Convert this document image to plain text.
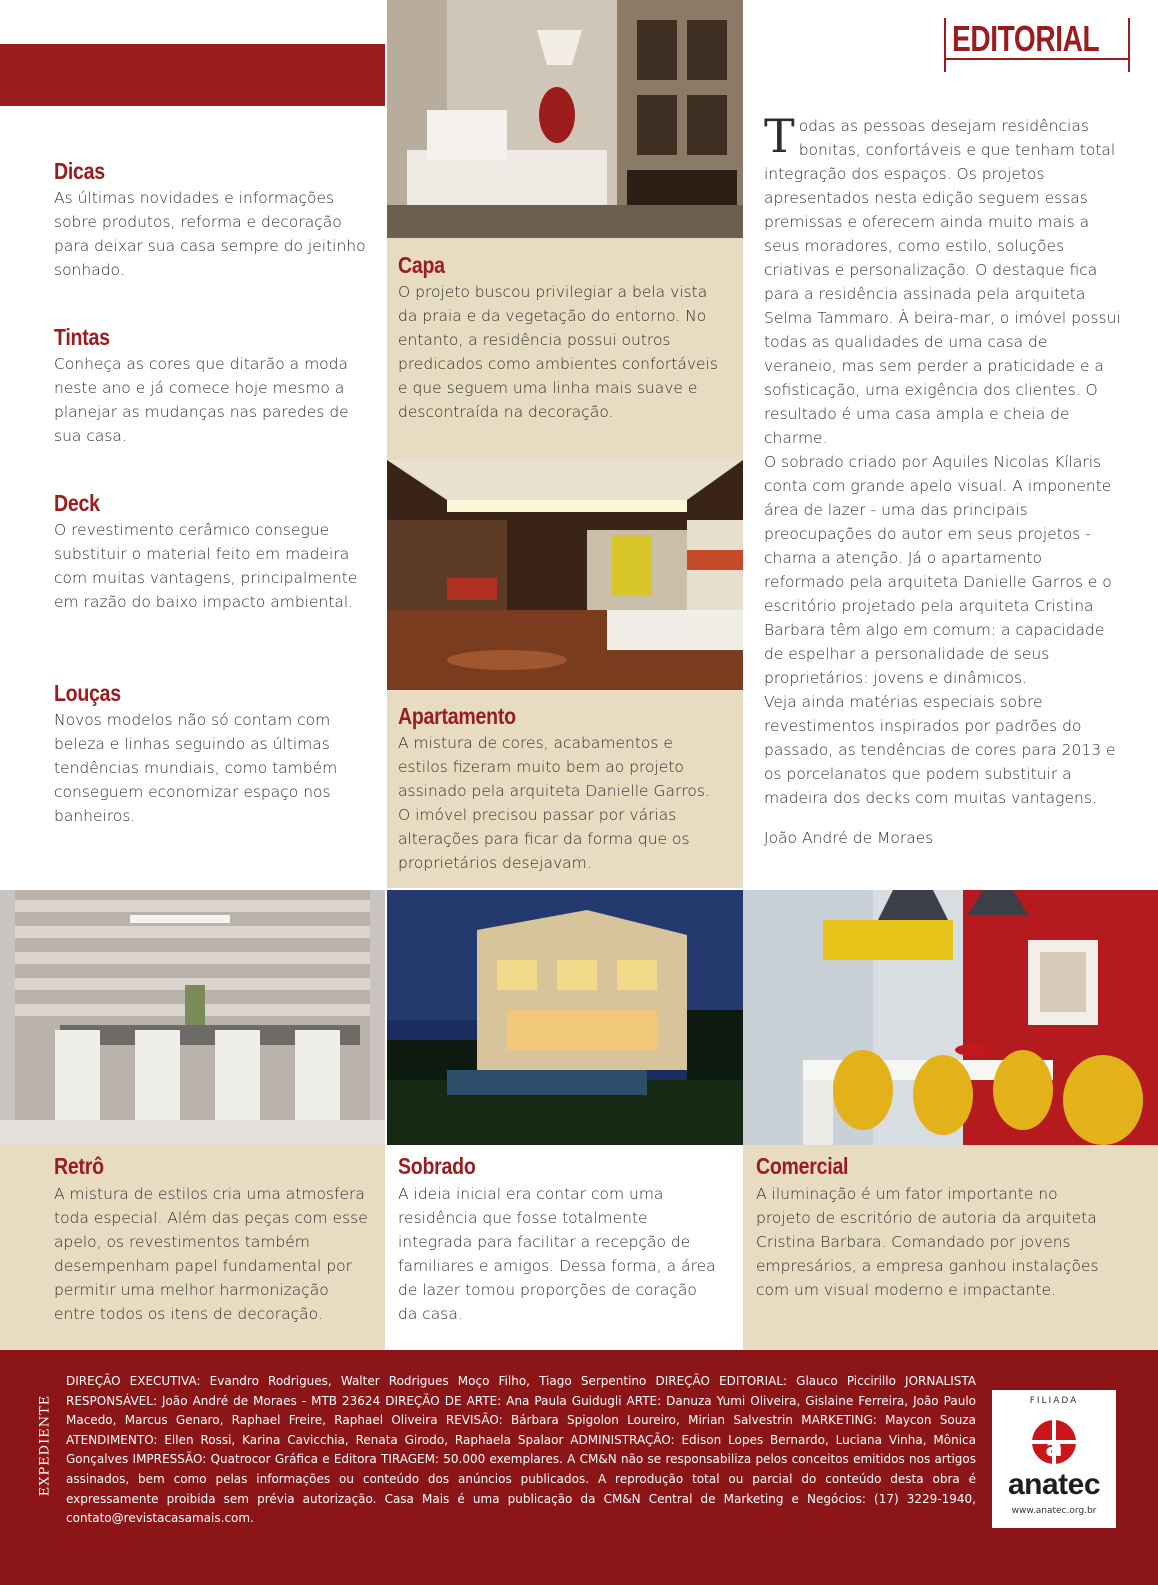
Dicas
As últimas novidades e informações sobre produtos, reforma e decoração para deixar sua casa sempre do jeitinho sonhado.
Tintas
Conheça as cores que ditarão a moda neste ano e já comece hoje mesmo a planejar as mudanças nas paredes de sua casa.
Deck
O revestimento cerâmico consegue substituir o material feito em madeira com muitas vantagens, principalmente em razão do baixo impacto ambiental.
Louças
Novos modelos não só contam com beleza e linhas seguindo as últimas tendências mundiais, como também conseguem economizar espaço nos banheiros.
Capa
O projeto buscou privilegiar a bela vista da praia e da vegetação do entorno. No entanto, a residência possui outros predicados como ambientes confortáveis e que seguem uma linha mais suave e descontraída na decoração.
Apartamento
A mistura de cores, acabamentos e estilos fizeram muito bem ao projeto assinado pela arquiteta Danielle Garros. O imóvel precisou passar por várias alterações para ficar da forma que os proprietários desejavam.
EDITORIAL

Todas as pessoas desejam residências bonitas, confortáveis e que tenham total integração dos espaços. Os projetos apresentados nesta edição seguem essas premissas e oferecem ainda muito mais a seus moradores, como estilo, soluções criativas e personalização. O destaque fica para a residência assinada pela arquiteta Selma Tammaro. À beira-mar, o imóvel possui todas as qualidades de uma casa de veraneio, mas sem perder a praticidade e a sofisticação, uma exigência dos clientes. O resultado é uma casa ampla e cheia de charme.

O sobrado criado por Aquiles Nicolas Kílaris conta com grande apelo visual. A imponente área de lazer - uma das principais preocupações do autor em seus projetos - chama a atenção. Já o apartamento reformado pela arquiteta Danielle Garros e o escritório projetado pela arquiteta Cristina Barbara têm algo em comum: a capacidade de espelhar a personalidade de seus proprietários: jovens e dinâmicos.

Veja ainda matérias especiais sobre revestimentos inspirados por padrões do passado, as tendências de cores para 2013 e os porcelanatos que podem substituir a madeira dos decks com muitas vantagens.

João André de Moraes

Retrô
A mistura de estilos cria uma atmosfera toda especial. Além das peças com esse apelo, os revestimentos também desempenham papel fundamental por permitir uma melhor harmonização entre todos os itens de decoração.
Sobrado
A ideia inicial era contar com uma residência que fosse totalmente integrada para facilitar a recepção de familiares e amigos. Dessa forma, a área de lazer tomou proporções de coração da casa.
Comercial
A iluminação é um fator importante no projeto de escritório de autoria da arquiteta Cristina Barbara. Comandado por jovens empresários, a empresa ganhou instalações com um visual moderno e impactante.
EXPEDIENTE
DIREÇÃO EXECUTIVA: Evandro Rodrigues, Walter Rodrigues Moço Filho, Tiago Serpentino DIREÇÃO EDITORIAL: Glauco Piccirillo JORNALISTA RESPONSÁVEL: João André de Moraes - MTB 23624 DIREÇÃO DE ARTE: Ana Paula Guidugli ARTE: Danuza Yumi Oliveira, Gislaine Ferreira, João Paulo Macedo, Marcus Genaro, Raphael Freire, Raphael Oliveira REVISÃO: Bárbara Spigolon Loureiro, Mirian Salvestrin MARKETING: Maycon Souza ATENDIMENTO: Ellen Rossi, Karina Cavicchia, Renata Girodo, Raphaela Spalaor ADMINISTRAÇÃO: Edison Lopes Bernardo, Luciana Vinha, Mônica Gonçalves IMPRESSÃO: Quatrocor Gráfica e Editora TIRAGEM: 50.000 exemplares. A CM&N não se responsabiliza pelos conceitos emitidos nos artigos assinados, bem como pelas informações ou conteúdo dos anúncios publicados. A reprodução total ou parcial do conteúdo desta obra é expressamente proibida sem prévia autorização. Casa Mais é uma publicação da CM&N Central de Marketing e Negócios: (17) 3229-1940, contato@revistacasamais.com.
FILIADA
a
anatec
www.anatec.org.br
